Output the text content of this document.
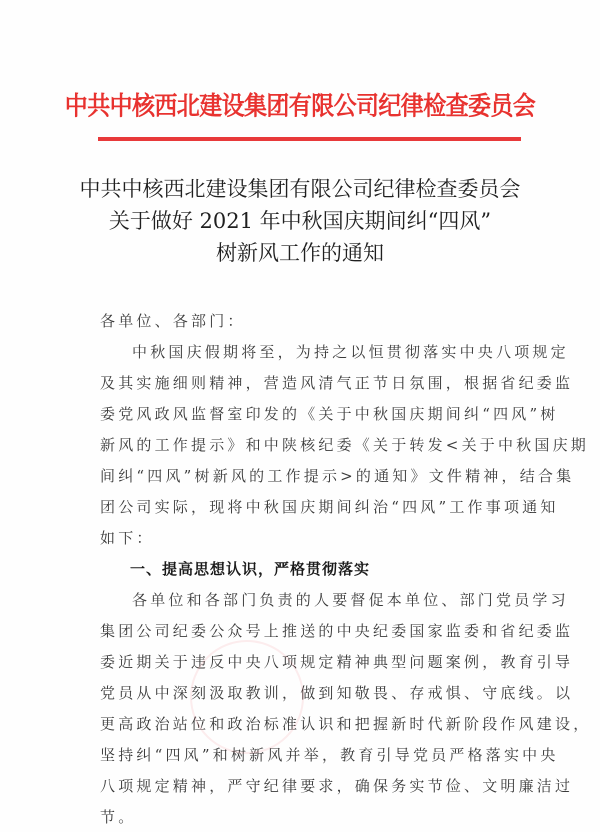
中共中核西北建设集团有限公司纪律检查委员会
中共中核西北建设集团有限公司纪律检查委员会
关于做好 2021 年中秋国庆期间纠“四风”
树新风工作的通知
各单位、各部门：
中秋国庆假期将至，为持之以恒贯彻落实中央八项规定
及其实施细则精神，营造风清气正节日氛围，根据省纪委监
委党风政风监督室印发的《关于中秋国庆期间纠“四风”树
新风的工作提示》和中陕核纪委《关于转发<关于中秋国庆期
间纠“四风”树新风的工作提示>的通知》文件精神，结合集
团公司实际，现将中秋国庆期间纠治“四风”工作事项通知
如下：
一、提高思想认识，严格贯彻落实
各单位和各部门负责的人要督促本单位、部门党员学习
集团公司纪委公众号上推送的中央纪委国家监委和省纪委监
委近期关于违反中央八项规定精神典型问题案例，教育引导
党员从中深刻汲取教训，做到知敬畏、存戒惧、守底线。以
更高政治站位和政治标准认识和把握新时代新阶段作风建设，
坚持纠“四风”和树新风并举，教育引导党员严格落实中央
八项规定精神，严守纪律要求，确保务实节俭、文明廉洁过
节。
